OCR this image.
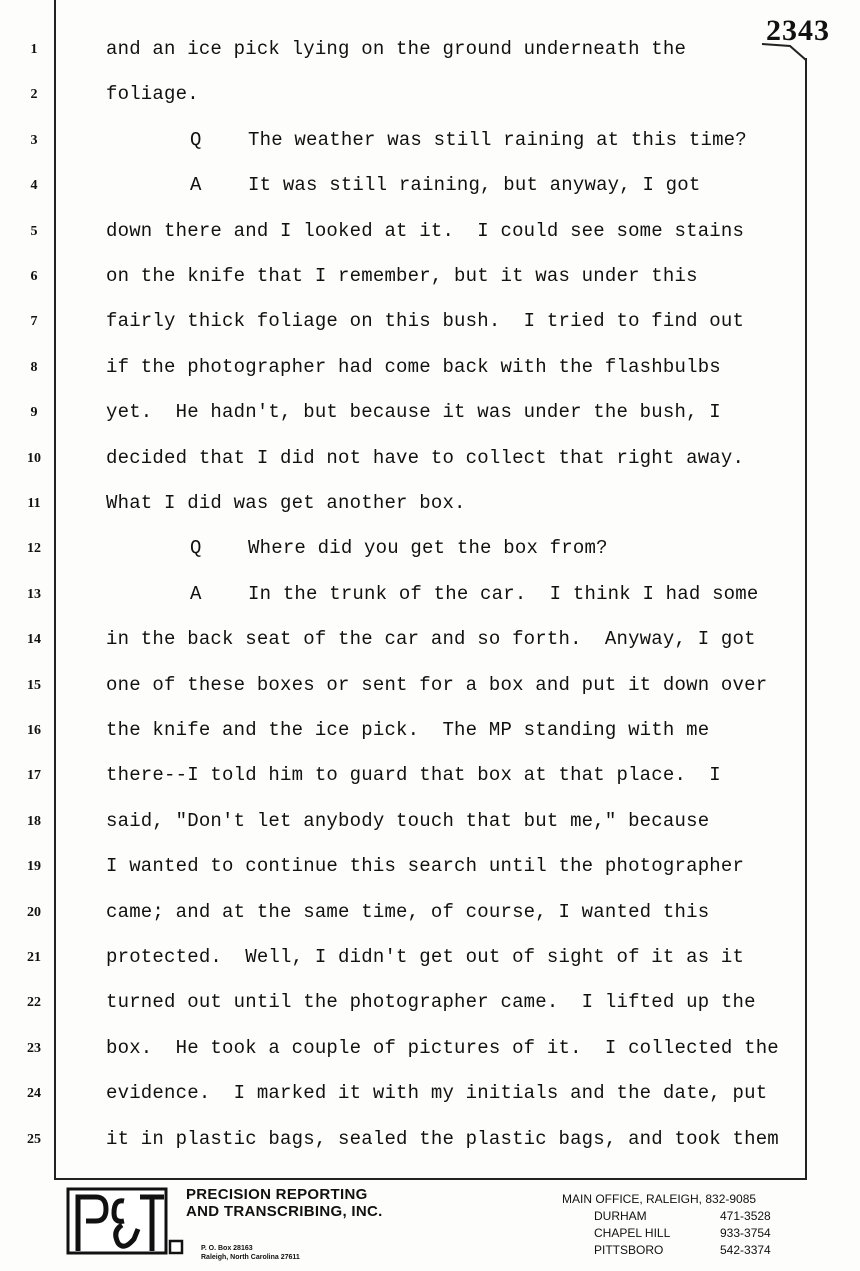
2343
1	and an ice pick lying on the ground underneath the
2	foliage.
3	Q    The weather was still raining at this time?
4	A    It was still raining, but anyway, I got
5	down there and I looked at it.  I could see some stains
6	on the knife that I remember, but it was under this
7	fairly thick foliage on this bush.  I tried to find out
8	if the photographer had come back with the flashbulbs
9	yet.  He hadn't, but because it was under the bush, I
10	decided that I did not have to collect that right away.
11	What I did was get another box.
12	Q    Where did you get the box from?
13	A    In the trunk of the car.  I think I had some
14	in the back seat of the car and so forth.  Anyway, I got
15	one of these boxes or sent for a box and put it down over
16	the knife and the ice pick.  The MP standing with me
17	there--I told him to guard that box at that place.  I
18	said, "Don't let anybody touch that but me," because
19	I wanted to continue this search until the photographer
20	came; and at the same time, of course, I wanted this
21	protected.  Well, I didn't get out of sight of it as it
22	turned out until the photographer came.  I lifted up the
23	box.  He took a couple of pictures of it.  I collected the
24	evidence.  I marked it with my initials and the date, put
25	it in plastic bags, sealed the plastic bags, and took them
PRECISION REPORTING
AND TRANSCRIBING, INC.
P. O. Box 28163
Raleigh, North Carolina 27611
MAIN OFFICE, RALEIGH, 832-9085
DURHAM	471-3528
CHAPEL HILL	933-3754
PITTSBORO	542-3374
